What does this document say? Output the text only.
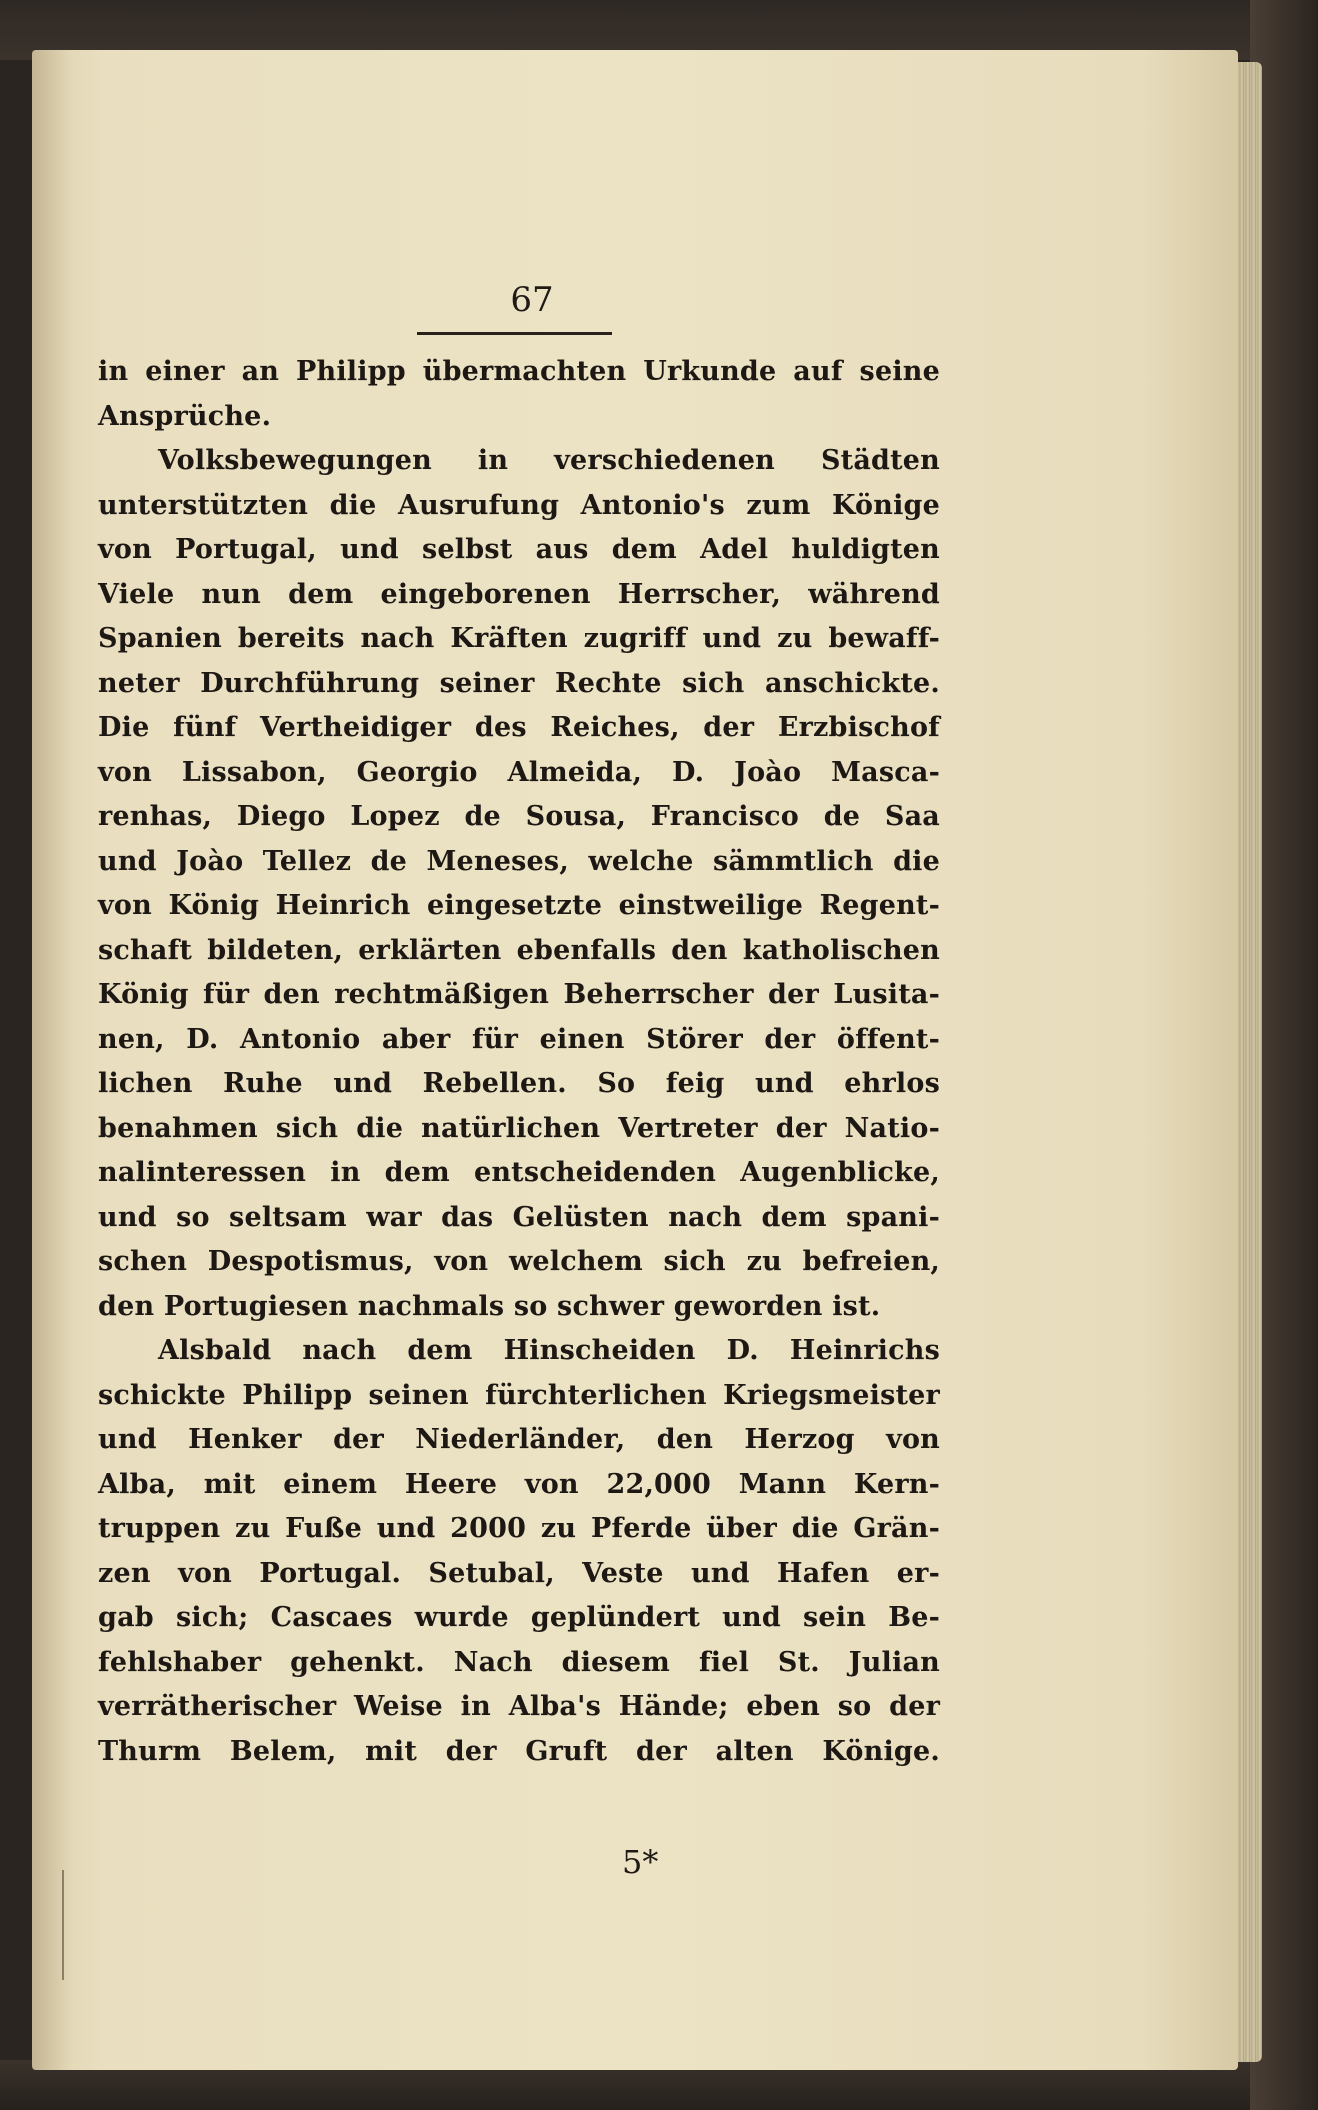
67
in einer an Philipp übermachten Urkunde auf seine
Ansprüche.
Volksbewegungen in verschiedenen Städten
unterstützten die Ausrufung Antonio's zum Könige
von Portugal, und selbst aus dem Adel huldigten
Viele nun dem eingeborenen Herrscher, während
Spanien bereits nach Kräften zugriff und zu bewaff-
neter Durchführung seiner Rechte sich anschickte.
Die fünf Vertheidiger des Reiches, der Erzbischof
von Lissabon, Georgio Almeida, D. Joào Masca-
renhas, Diego Lopez de Sousa, Francisco de Saa
und Joào Tellez de Meneses, welche sämmtlich die
von König Heinrich eingesetzte einstweilige Regent-
schaft bildeten, erklärten ebenfalls den katholischen
König für den rechtmäßigen Beherrscher der Lusita-
nen, D. Antonio aber für einen Störer der öffent-
lichen Ruhe und Rebellen. So feig und ehrlos
benahmen sich die natürlichen Vertreter der Natio-
nalinteressen in dem entscheidenden Augenblicke,
und so seltsam war das Gelüsten nach dem spani-
schen Despotismus, von welchem sich zu befreien,
den Portugiesen nachmals so schwer geworden ist.
Alsbald nach dem Hinscheiden D. Heinrichs
schickte Philipp seinen fürchterlichen Kriegsmeister
und Henker der Niederländer, den Herzog von
Alba, mit einem Heere von 22,000 Mann Kern-
truppen zu Fuße und 2000 zu Pferde über die Grän-
zen von Portugal. Setubal, Veste und Hafen er-
gab sich; Cascaes wurde geplündert und sein Be-
fehlshaber gehenkt. Nach diesem fiel St. Julian
verrätherischer Weise in Alba's Hände; eben so der
Thurm Belem, mit der Gruft der alten Könige.
5*
